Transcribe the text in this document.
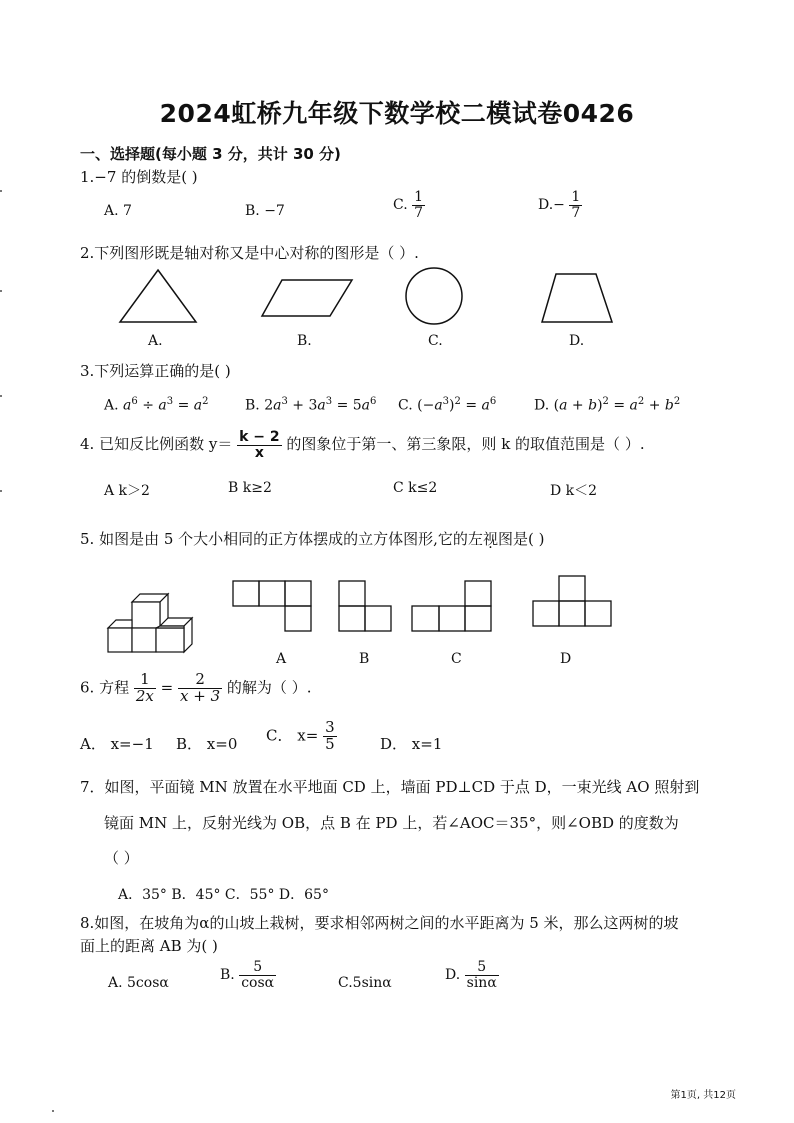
2024虹桥九年级下数学校二模试卷0426
一、选择题(每小题 3 分，共计 30 分)
1.−7 的倒数是( )
A. 7	B. −7	C. $\frac{1}{7}$	$D.- \frac{1}{7}$
2.下列图形既是轴对称又是中心对称的图形是（ ）.
A.	B.	C.	D.
3.下列运算正确的是( )
A. $a^6 \div a^3 = a^2$	B. $2a^3 + 3a^3 = 5a^6$ C. $(-a^3)^2 = a^6$	D. $(a + b)^2 = a^2 + b^2$
4. 已知反比例函数 $y= \frac{k - 2}{x}$ 的图象位于第一、第三象限，则 k 的取值范围是（ ）.
A k＞2	B k≥2	C k≤2	D k＜2
5. 如图是由 5 个大小相同的正方体摆成的立方体图形,它的左视图是( )
A	B	C	D
6. 方程 $\frac{1}{2x} = \frac{2}{x + 3}$ 的解为（ ）.
A． x=−1 B． x=0 C． $x= \frac{3}{5}$	D． x=1
7．如图，平面镜 MN 放置在水平地面 CD 上，墙面 PD⊥CD 于点 D，一束光线 AO 照射到
镜面 MN 上，反射光线为 OB，点 B 在 PD 上，若∠AOC＝35°，则∠OBD 的度数为
（ ）
A．35° B．45° C．55° D．65°
8.如图，在坡角为α的山坡上栽树，要求相邻两树之间的水平距离为 5 米，那么这两树的坡
面上的距离 AB 为( )
A. 5cosα	B. $\frac{5}{\cos\alpha}$	C.5sinα	D. $\frac{5}{\sin\alpha}$
第1页, 共12页
